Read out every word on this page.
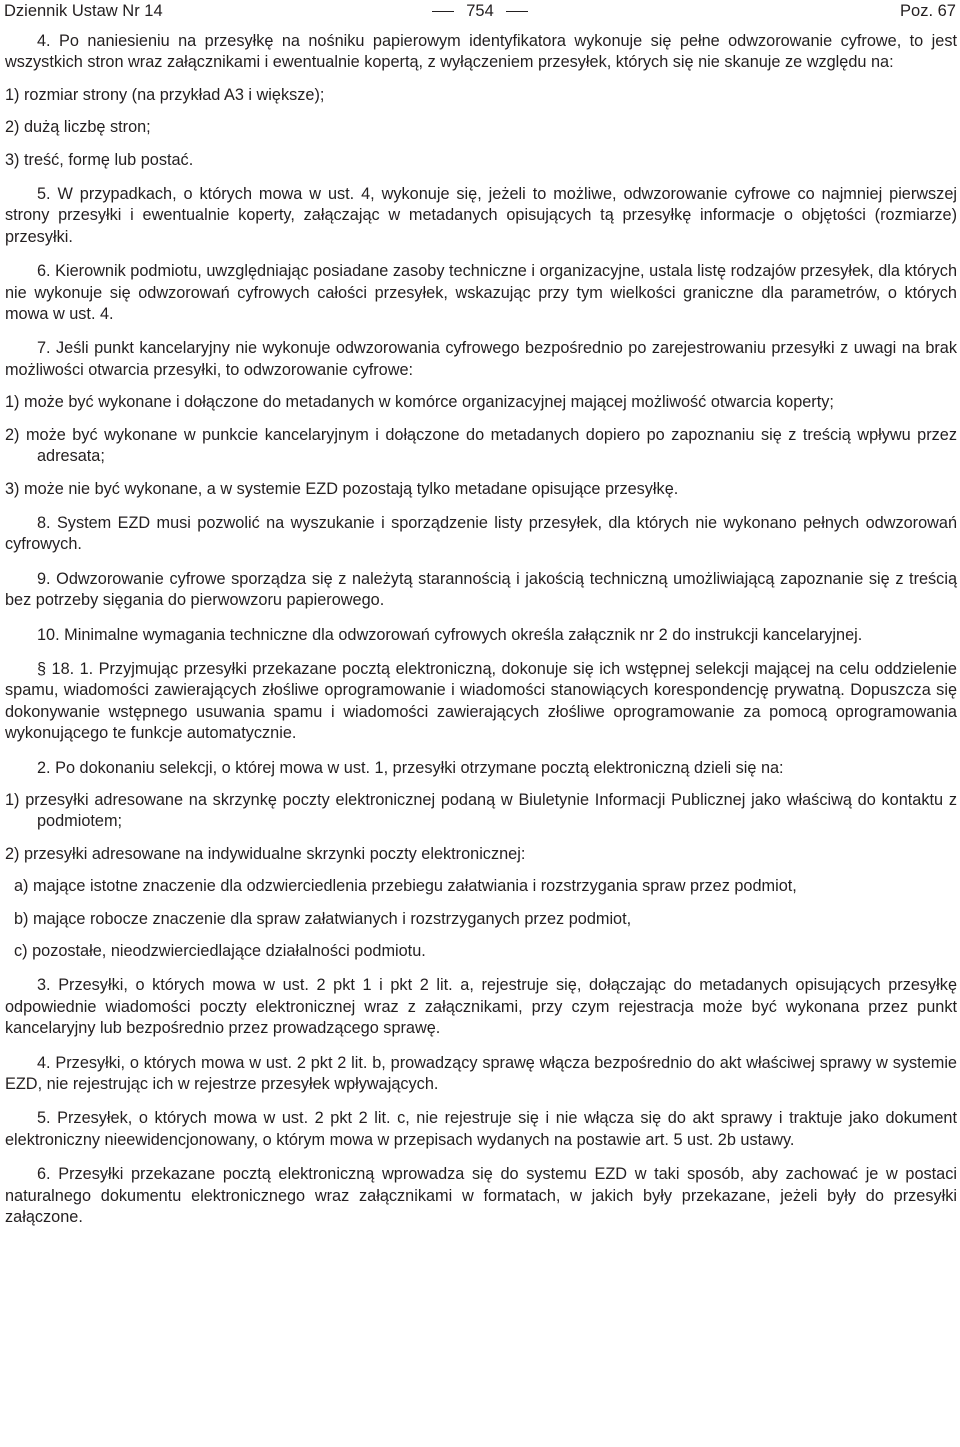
Dziennik Ustaw Nr 14	754	Poz. 67

4. Po naniesieniu na przesyłkę na nośniku papierowym identyfikatora wykonuje się pełne odwzorowanie cyfrowe, to jest wszystkich stron wraz załącznikami i ewentualnie kopertą, z wyłączeniem przesyłek, których się nie skanuje ze względu na:

1) rozmiar strony (na przykład A3 i większe);

2) dużą liczbę stron;

3) treść, formę lub postać.

5. W przypadkach, o których mowa w ust. 4, wykonuje się, jeżeli to możliwe, odwzorowanie cyfrowe co najmniej pierwszej strony przesyłki i ewentualnie koperty, załączając w metadanych opisujących tą przesyłkę informacje o objętości (rozmiarze) przesyłki.

6. Kierownik podmiotu, uwzględniając posiadane zasoby techniczne i organizacyjne, ustala listę rodzajów przesyłek, dla których nie wykonuje się odwzorowań cyfrowych całości przesyłek, wskazując przy tym wielkości graniczne dla parametrów, o których mowa w ust. 4.

7. Jeśli punkt kancelaryjny nie wykonuje odwzorowania cyfrowego bezpośrednio po zarejestrowaniu przesyłki z uwagi na brak możliwości otwarcia przesyłki, to odwzorowanie cyfrowe:

1) może być wykonane i dołączone do metadanych w komórce organizacyjnej mającej możliwość otwarcia koperty;

2) może być wykonane w punkcie kancelaryjnym i dołączone do metadanych dopiero po zapoznaniu się z treścią wpływu przez adresata;

3) może nie być wykonane, a w systemie EZD pozostają tylko metadane opisujące przesyłkę.

8. System EZD musi pozwolić na wyszukanie i sporządzenie listy przesyłek, dla których nie wykonano pełnych odwzorowań cyfrowych.

9. Odwzorowanie cyfrowe sporządza się z należytą starannością i jakością techniczną umożliwiającą zapoznanie się z treścią bez potrzeby sięgania do pierwowzoru papierowego.

10. Minimalne wymagania techniczne dla odwzorowań cyfrowych określa załącznik nr 2 do instrukcji kancelaryjnej.

§ 18. 1. Przyjmując przesyłki przekazane pocztą elektroniczną, dokonuje się ich wstępnej selekcji mającej na celu oddzielenie spamu, wiadomości zawierających złośliwe oprogramowanie i wiadomości stanowiących korespondencję prywatną. Dopuszcza się dokonywanie wstępnego usuwania spamu i wiadomości zawierających złośliwe oprogramowanie za pomocą oprogramowania wykonującego te funkcje automatycznie.

2. Po dokonaniu selekcji, o której mowa w ust. 1, przesyłki otrzymane pocztą elektroniczną dzieli się na:

1) przesyłki adresowane na skrzynkę poczty elektronicznej podaną w Biuletynie Informacji Publicznej jako właściwą do kontaktu z podmiotem;

2) przesyłki adresowane na indywidualne skrzynki poczty elektronicznej:

a) mające istotne znaczenie dla odzwierciedlenia przebiegu załatwiania i rozstrzygania spraw przez podmiot,

b) mające robocze znaczenie dla spraw załatwianych i rozstrzyganych przez podmiot,

c) pozostałe, nieodzwierciedlające działalności podmiotu.

3. Przesyłki, o których mowa w ust. 2 pkt 1 i pkt 2 lit. a, rejestruje się, dołączając do metadanych opisujących przesyłkę odpowiednie wiadomości poczty elektronicznej wraz z załącznikami, przy czym rejestracja może być wykonana przez punkt kancelaryjny lub bezpośrednio przez prowadzącego sprawę.

4. Przesyłki, o których mowa w ust. 2 pkt 2 lit. b, prowadzący sprawę włącza bezpośrednio do akt właściwej sprawy w systemie EZD, nie rejestrując ich w rejestrze przesyłek wpływających.

5. Przesyłek, o których mowa w ust. 2 pkt 2 lit. c, nie rejestruje się i nie włącza się do akt sprawy i traktuje jako dokument elektroniczny nieewidencjonowany, o którym mowa w przepisach wydanych na postawie art. 5 ust. 2b ustawy.

6. Przesyłki przekazane pocztą elektroniczną wprowadza się do systemu EZD w taki sposób, aby zachować je w postaci naturalnego dokumentu elektronicznego wraz załącznikami w formatach, w jakich były przekazane, jeżeli były do przesyłki załączone.
